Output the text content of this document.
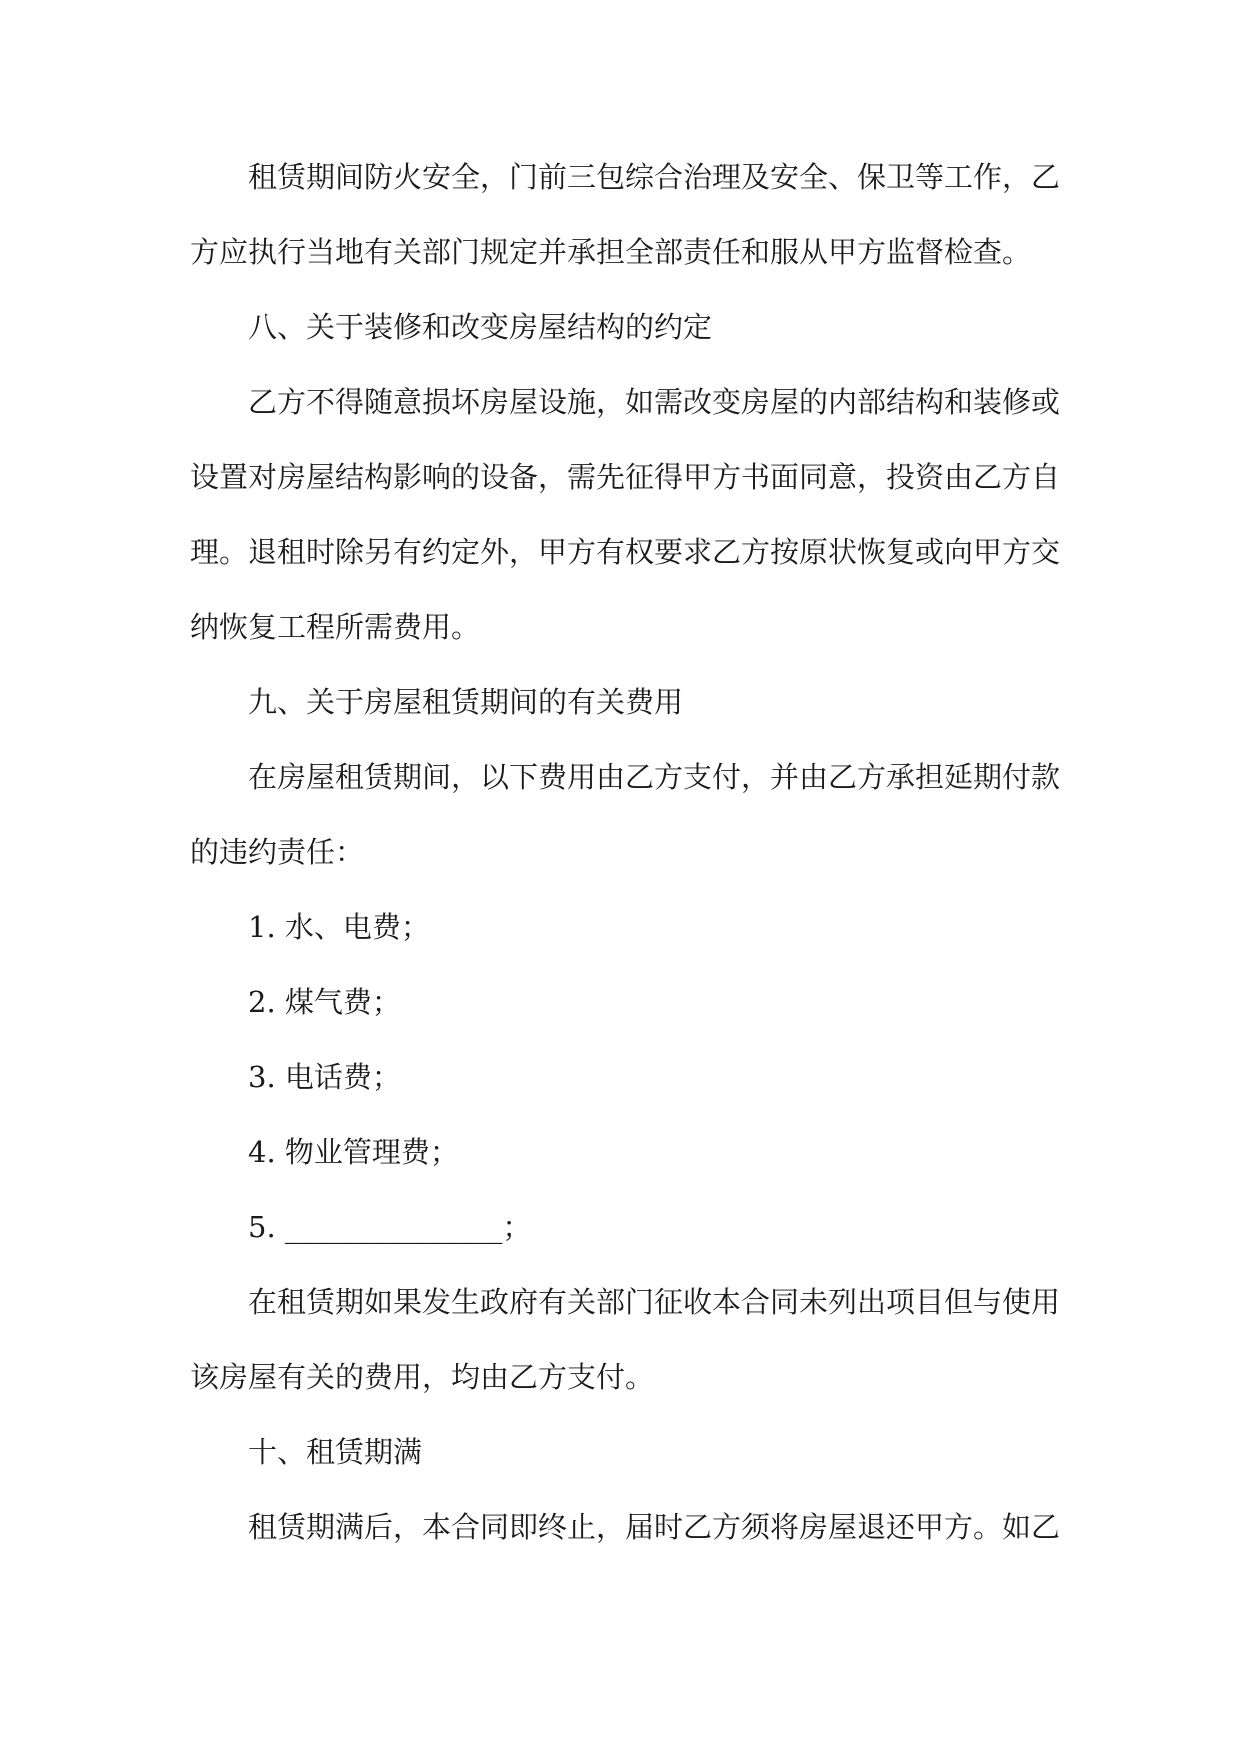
租赁期间防火安全，门前三包综合治理及安全、保卫等工作，乙方应执行当地有关部门规定并承担全部责任和服从甲方监督检查。

八、关于装修和改变房屋结构的约定

乙方不得随意损坏房屋设施，如需改变房屋的内部结构和装修或设置对房屋结构影响的设备，需先征得甲方书面同意，投资由乙方自理。退租时除另有约定外，甲方有权要求乙方按原状恢复或向甲方交纳恢复工程所需费用。

九、关于房屋租赁期间的有关费用

在房屋租赁期间，以下费用由乙方支付，并由乙方承担延期付款的违约责任：

1. 水、电费；

2. 煤气费；

3. 电话费；

4. 物业管理费；

5. _______________；

在租赁期如果发生政府有关部门征收本合同未列出项目但与使用该房屋有关的费用，均由乙方支付。

十、租赁期满

租赁期满后，本合同即终止，届时乙方须将房屋退还甲方。如乙
